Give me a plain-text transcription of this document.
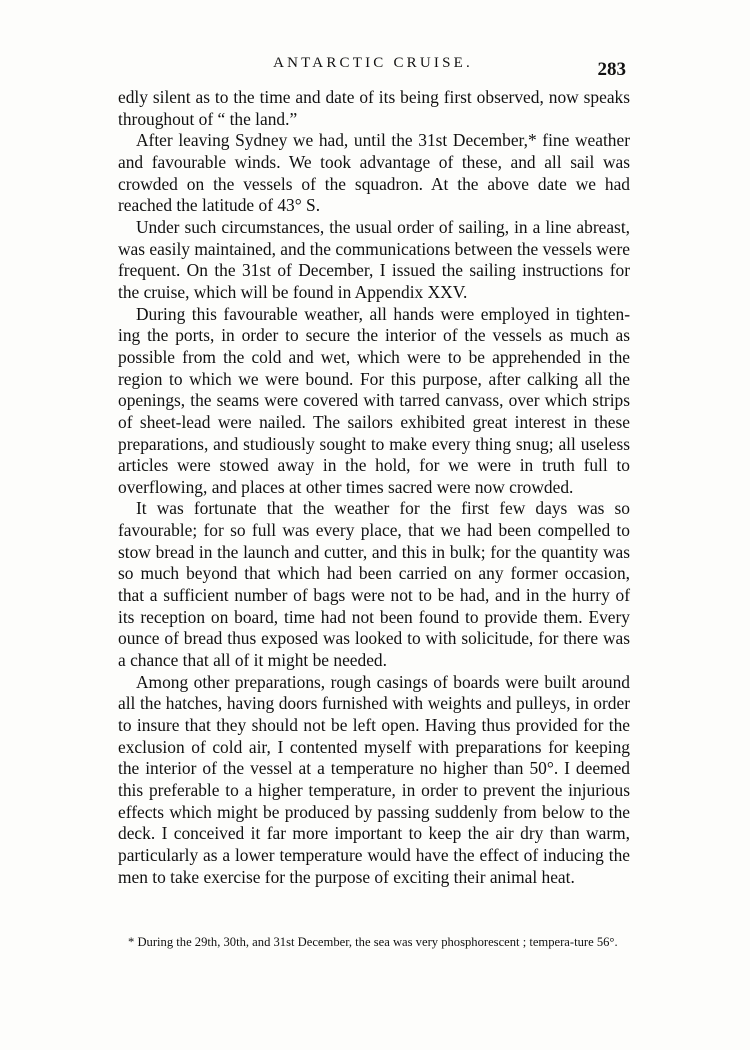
ANTARCTIC CRUISE.	283

edly silent as to the time and date of its being first observed, now speaks throughout of “ the land.”

After leaving Sydney we had, until the 31st December,* fine weather and favourable winds. We took advantage of these, and all sail was crowded on the vessels of the squadron. At the above date we had reached the latitude of 43° S.

Under such circumstances, the usual order of sailing, in a line abreast, was easily maintained, and the communications between the vessels were frequent. On the 31st of December, I issued the sailing instructions for the cruise, which will be found in Appendix XXV.

During this favourable weather, all hands were employed in tighten-ing the ports, in order to secure the interior of the vessels as much as possible from the cold and wet, which were to be apprehended in the region to which we were bound. For this purpose, after calking all the openings, the seams were covered with tarred canvass, over which strips of sheet-lead were nailed. The sailors exhibited great interest in these preparations, and studiously sought to make every thing snug; all useless articles were stowed away in the hold, for we were in truth full to overflowing, and places at other times sacred were now crowded.

It was fortunate that the weather for the first few days was so favourable; for so full was every place, that we had been compelled to stow bread in the launch and cutter, and this in bulk; for the quantity was so much beyond that which had been carried on any former occasion, that a sufficient number of bags were not to be had, and in the hurry of its reception on board, time had not been found to provide them. Every ounce of bread thus exposed was looked to with solicitude, for there was a chance that all of it might be needed.

Among other preparations, rough casings of boards were built around all the hatches, having doors furnished with weights and pulleys, in order to insure that they should not be left open. Having thus provided for the exclusion of cold air, I contented myself with preparations for keeping the interior of the vessel at a temperature no higher than 50°. I deemed this preferable to a higher temperature, in order to prevent the injurious effects which might be produced by passing suddenly from below to the deck. I conceived it far more important to keep the air dry than warm, particularly as a lower temperature would have the effect of inducing the men to take exercise for the purpose of exciting their animal heat.

* During the 29th, 30th, and 31st December, the sea was very phosphorescent ; tempera-ture 56°.
